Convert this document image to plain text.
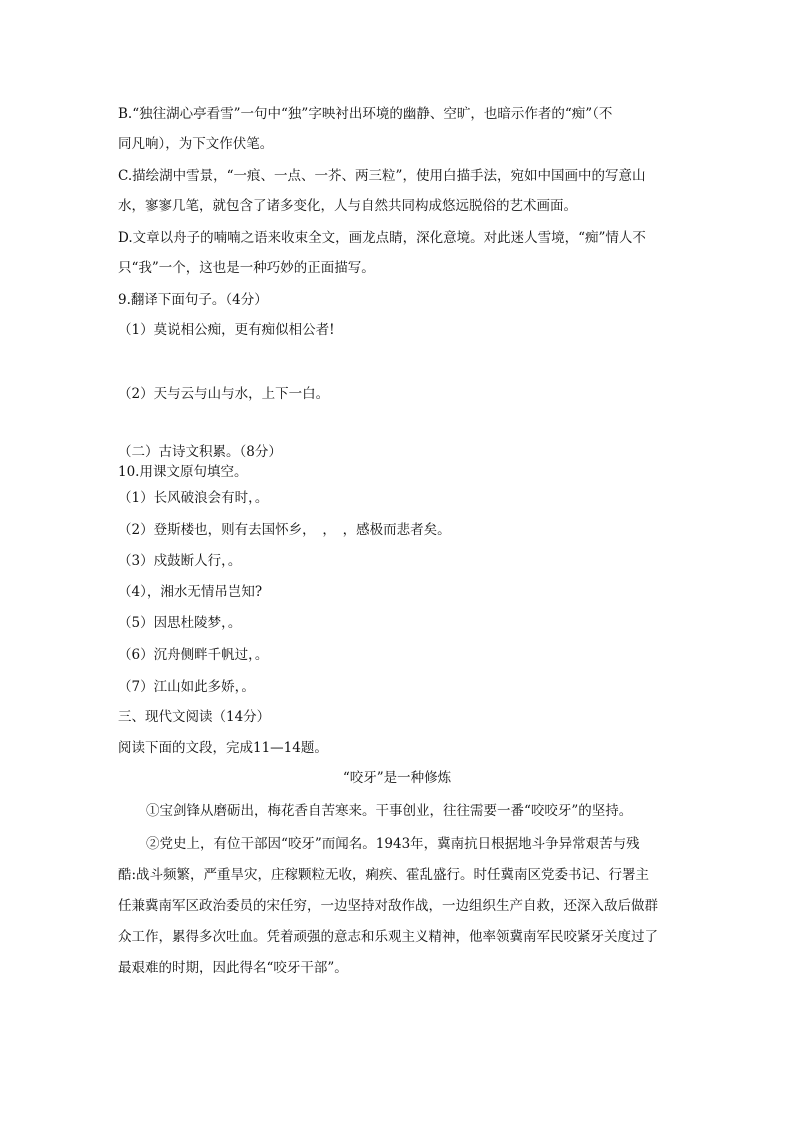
B.“独往湖心亭看雪”一句中“独”字映衬出环境的幽静、空旷，也暗示作者的“痴”（不
同凡响），为下文作伏笔。
C.描绘湖中雪景，“一痕、一点、一芥、两三粒”，使用白描手法，宛如中国画中的写意山
水，寥寥几笔，就包含了诸多变化，人与自然共同构成悠远脱俗的艺术画面。
D.文章以舟子的喃喃之语来收束全文，画龙点睛，深化意境。对此迷人雪境，“痴”情人不
只“我”一个，这也是一种巧妙的正面描写。
9.翻译下面句子。（4分）
（1）莫说相公痴，更有痴似相公者!
（2）天与云与山与水，上下一白。
（二）古诗文积累。（8分）
10.用课文原句填空。
（1）长风破浪会有时，。
（2）登斯楼也，则有去国怀乡，　，　，感极而悲者矣。
（3）戍鼓断人行，。
（4），湘水无情吊岂知?
（5）因思杜陵梦，。
（6）沉舟侧畔千帆过，。
（7）江山如此多娇，。
三、现代文阅读（14分）
阅读下面的文段，完成11—14题。
“咬牙”是一种修炼
①宝剑锋从磨砺出，梅花香自苦寒来。干事创业，往往需要一番“咬咬牙”的坚持。
②党史上，有位干部因“咬牙”而闻名。1943年，冀南抗日根据地斗争异常艰苦与残
酷:战斗频繁，严重旱灾，庄稼颗粒无收，痢疾、霍乱盛行。时任冀南区党委书记、行署主
任兼冀南军区政治委员的宋任穷，一边坚持对敌作战，一边组织生产自救，还深入敌后做群
众工作，累得多次吐血。凭着顽强的意志和乐观主义精神，他率领冀南军民咬紧牙关度过了
最艰难的时期，因此得名“咬牙干部”。
